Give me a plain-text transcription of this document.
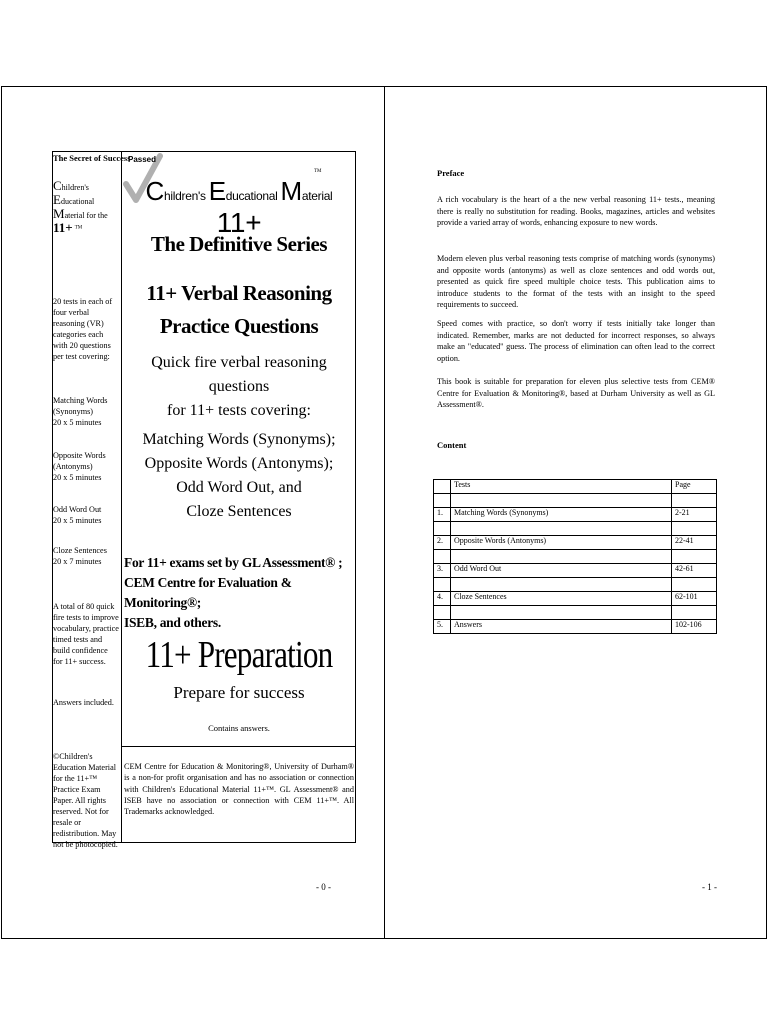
The Secret of Success
Children's
Educational
Material for the
11+ ™
20 tests in each of four verbal reasoning (VR) categories each with 20 questions per test covering:
Matching Words (Synonyms)
20 x 5 minutes
Opposite Words (Antonyms)
20 x 5 minutes
Odd Word Out
20 x 5 minutes
Cloze Sentences
20 x 7 minutes
A total of 80 quick fire tests to improve vocabulary, practice timed tests and build confidence for 11+ success.
Answers included.
©Children's Education Material for the 11+™ Practice Exam Paper. All rights reserved. Not for resale or redistribution. May not be photocopied.
Passed
Children's Educational Material 11+
TM
The Definitive Series
11+ Verbal Reasoning
Practice Questions
Quick fire verbal reasoning questions
for 11+ tests covering:
Matching Words (Synonyms);
Opposite Words (Antonyms);
Odd Word Out, and
Cloze Sentences
For 11+ exams set by GL Assessment® ;
CEM Centre for Evaluation & Monitoring®;
ISEB, and others.
11+ Preparation
Prepare for success
Contains answers.
CEM Centre for Education & Monitoring®, University of Durham® is a non-for profit organisation and has no association or connection with Children's Educational Material 11+™. GL Assessment® and ISEB have no association or connection with CEM 11+™. All Trademarks acknowledged.
- 0 -
Preface
A rich vocabulary is the heart of a the new verbal reasoning 11+ tests., meaning there is really no substitution for reading. Books, magazines, articles and websites provide a varied array of words, enhancing exposure to new words.
Modern eleven plus verbal reasoning tests comprise of matching words (synonyms) and opposite words (antonyms) as well as cloze sentences and odd words out, presented as quick fire speed multiple choice tests. This publication aims to introduce students to the format of the tests with an insight to the speed requirements to succeed.
Speed comes with practice, so don't worry if tests initially take longer than indicated. Remember, marks are not deducted for incorrect responses, so always make an "educated" guess. The process of elimination can often lead to the correct option.
This book is suitable for preparation for eleven plus selective tests from CEM® Centre for Evaluation & Monitoring®, based at Durham University as well as GL Assessment®.
Content
	Tests	Page

1.	Matching Words (Synonyms)	2-21

2.	Opposite Words (Antonyms)	22-41

3.	Odd Word Out	42-61

4.	Cloze Sentences	62-101

5.	Answers	102-106
- 1 -
